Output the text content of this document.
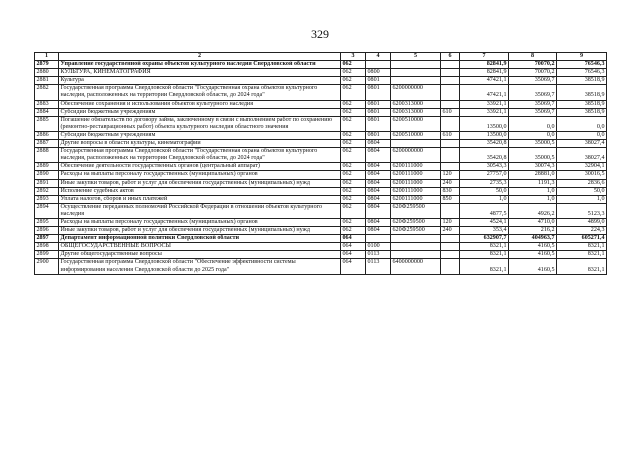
329
1	2	3	4	5	6	7	8	9
2879	Управление государственной охраны объектов культурного наследия Свердловской области	062				82841,9	70070,2	76546,3
2880	КУЛЬТУРА, КИНЕМАТОГРАФИЯ	062	0800			82841,9	70070,2	76546,3
2881	Культура	062	0801			47421,1	35069,7	38518,9
2882	Государственная программа Свердловской области "Государственная охрана объектов культурного наследия, расположенных на территории Свердловской области, до 2024 года"	062	0801	6200000000		47421,1	35069,7	38518,9
2883	Обеспечение сохранения и использования объектов культурного наследия	062	0801	6200313000		33921,1	35069,7	38518,9
2884	Субсидии бюджетным учреждениям	062	0801	6200313000	610	33921,1	35069,7	38518,9
2885	Погашение обязательств по договору займа, заключенному в связи с выполнением работ по сохранению (ремонтно-реставрационных работ) объекта культурного наследия областного значения	062	0801	6200510000		13500,0	0,0	0,0
2886	Субсидии бюджетным учреждениям	062	0801	6200510000	610	13500,0	0,0	0,0
2887	Другие вопросы в области культуры, кинематографии	062	0804			35420,8	35000,5	38027,4
2888	Государственная программа Свердловской области "Государственная охрана объектов культурного наследия, расположенных на территории Свердловской области, до 2024 года"	062	0804	6200000000		35420,8	35000,5	38027,4
2889	Обеспечение деятельности государственных органов (центральный аппарат)	062	0804	6200111000		30543,3	30074,3	32904,1
2890	Расходы на выплаты персоналу государственных (муниципальных) органов	062	0804	6200111000	120	27757,0	28881,0	30016,5
2891	Иные закупки товаров, работ и услуг для обеспечения государственных (муниципальных) нужд	062	0804	6200111000	240	2735,3	1191,3	2836,6
2892	Исполнение судебных актов	062	0804	6200111000	830	50,0	1,0	50,0
2893	Уплата налогов, сборов и иных платежей	062	0804	6200111000	850	1,0	1,0	1,0
2894	Осуществление переданных полномочий Российской Федерации в отношении объектов культурного наследия	062	0804	620Ф259500		4877,5	4926,2	5123,3
2895	Расходы на выплаты персоналу государственных (муниципальных) органов	062	0804	620Ф259500	120	4524,1	4710,0	4899,0
2896	Иные закупки товаров, работ и услуг для обеспечения государственных (муниципальных) нужд	062	0804	620Ф259500	240	353,4	216,2	224,3
2897	Департамент информационной политики Свердловской области	064				632907,7	404963,7	605271,4
2898	ОБЩЕГОСУДАРСТВЕННЫЕ ВОПРОСЫ	064	0100			8321,1	4160,5	8321,1
2899	Другие общегосударственные вопросы	064	0113			8321,1	4160,5	8321,1
2900	Государственная программа Свердловской области "Обеспечение эффективности системы информирования населения Свердловской области до 2025 года"	064	0113	6400000000		8321,1	4160,5	8321,1
